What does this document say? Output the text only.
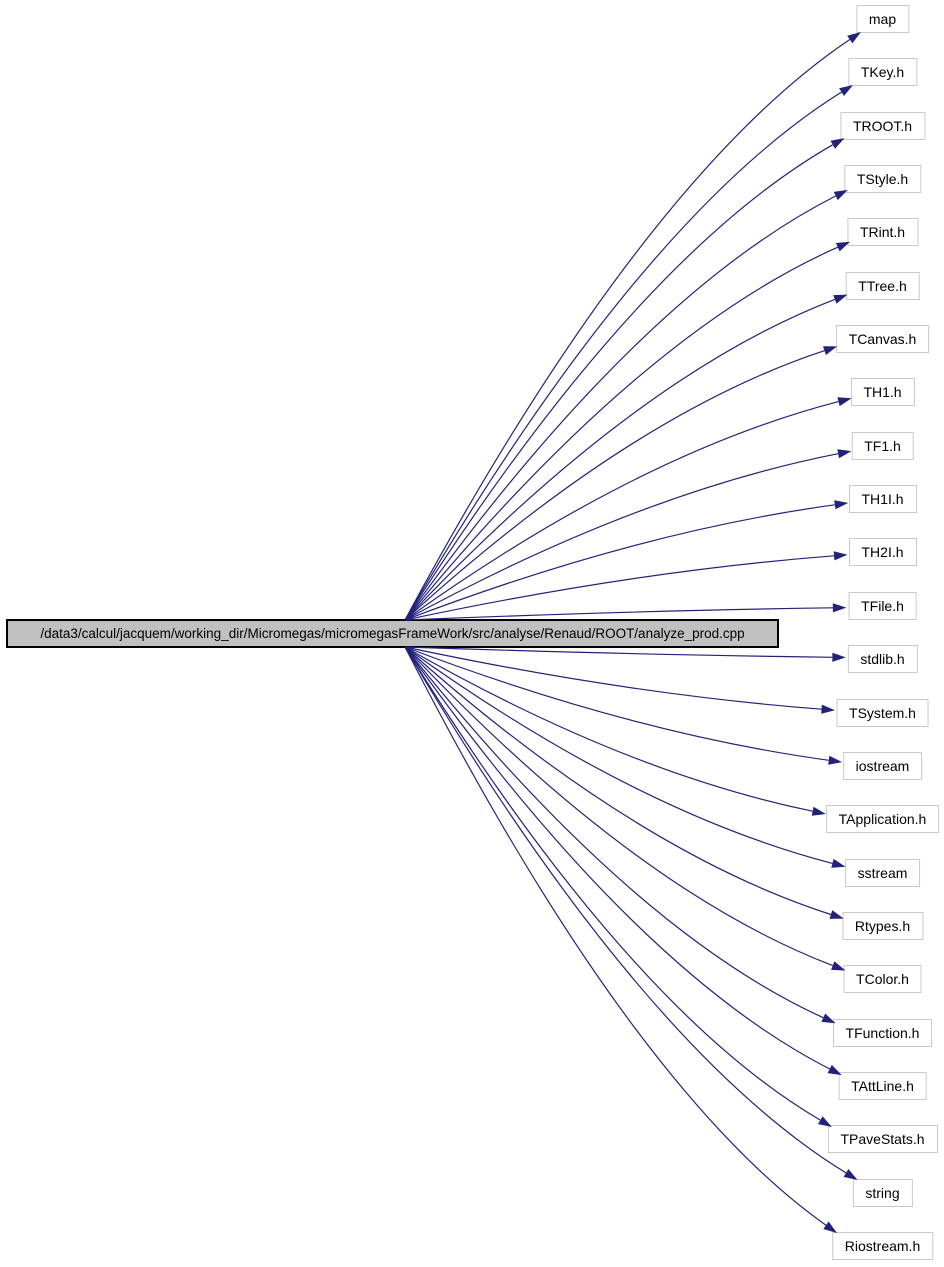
/data3/calcul/jacquem/working_dir/Micromegas/micromegasFrameWork/src/analyse/Renaud/ROOT/analyze_prod.cpp
map
TKey.h
TROOT.h
TStyle.h
TRint.h
TTree.h
TCanvas.h
TH1.h
TF1.h
TH1I.h
TH2I.h
TFile.h
stdlib.h
TSystem.h
iostream
TApplication.h
sstream
Rtypes.h
TColor.h
TFunction.h
TAttLine.h
TPaveStats.h
string
Riostream.h
